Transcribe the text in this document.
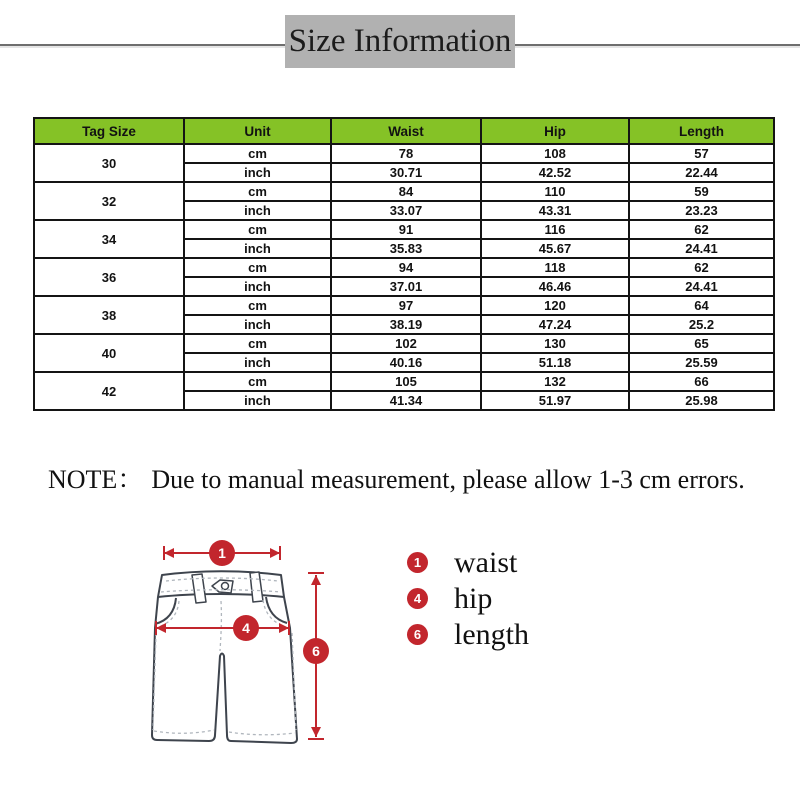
Size Information
Tag Size	Unit	Waist	Hip	Length
30	cm	78	108	57
	inch	30.71	42.52	22.44
32	cm	84	110	59
	inch	33.07	43.31	23.23
34	cm	91	116	62
	inch	35.83	45.67	24.41
36	cm	94	118	62
	inch	37.01	46.46	24.41
38	cm	97	120	64
	inch	38.19	47.24	25.2
40	cm	102	130	65
	inch	40.16	51.18	25.59
42	cm	105	132	66
	inch	41.34	51.97	25.98
NOTE： Due to manual measurement, please allow 1-3 cm errors.
1
4
6
1 waist
4 hip
6 length
